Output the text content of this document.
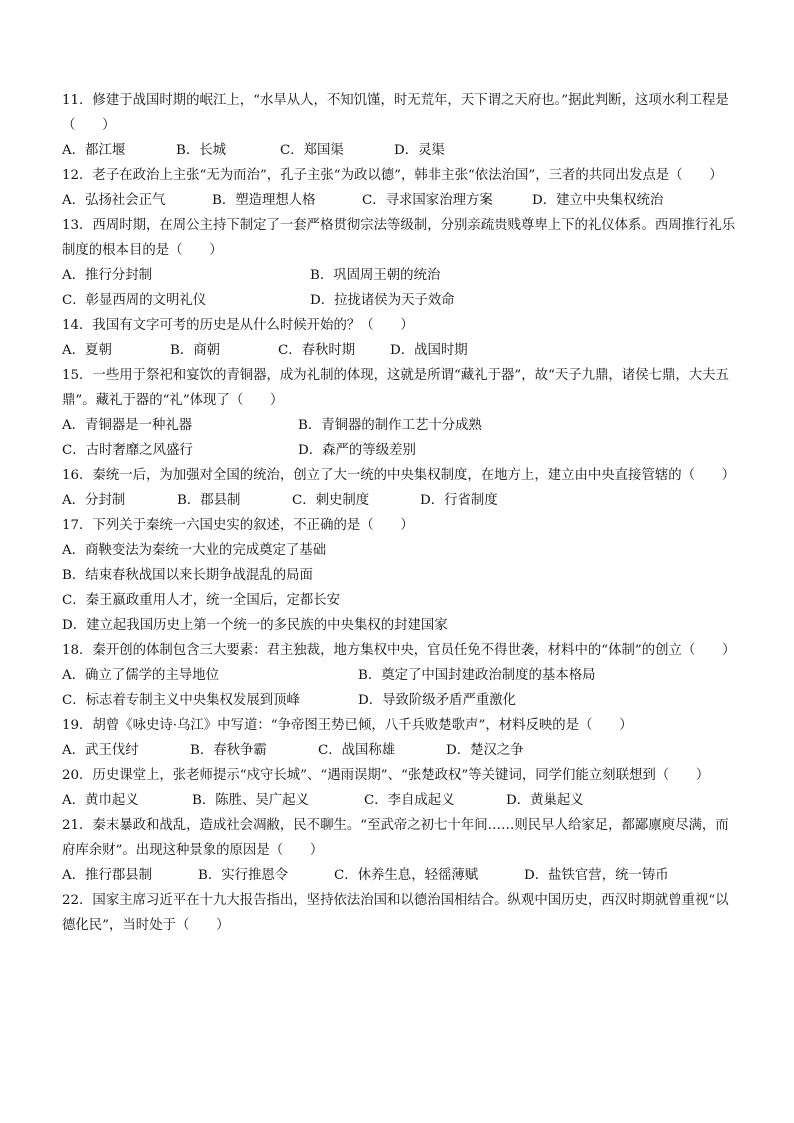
11．修建于战国时期的岷江上，“水旱从人，不知饥馑，时无荒年，天下谓之天府也。”据此判断，这项水利工程是（　　）

A．都江堰	B．长城	C．郑国渠	D．灵渠

12．老子在政治上主张“无为而治”，孔子主张“为政以德”，韩非主张“依法治国”，三者的共同出发点是（　　）

A．弘扬社会正气	B．塑造理想人格	C．寻求国家治理方案	D．建立中央集权统治

13．西周时期，在周公主持下制定了一套严格贯彻宗法等级制，分别亲疏贵贱尊卑上下的礼仪体系。西周推行礼乐制度的根本目的是（　　）

A．推行分封制	B．巩固周王朝的统治
C．彰显西周的文明礼仪	D．拉拢诸侯为天子效命

14．我国有文字可考的历史是从什么时候开始的？（　　）

A．夏朝	B．商朝	C．春秋时期	D．战国时期

15．一些用于祭祀和宴饮的青铜器，成为礼制的体现，这就是所谓“藏礼于器”，故“天子九鼎，诸侯七鼎，大夫五鼎”。藏礼于器的“礼”体现了（　　）

A．青铜器是一种礼器	B．青铜器的制作工艺十分成熟
C．古时奢靡之风盛行	D．森严的等级差别

16．秦统一后，为加强对全国的统治，创立了大一统的中央集权制度，在地方上，建立由中央直接管辖的（　　）

A．分封制	B．郡县制	C．刺史制度	D．行省制度

17．下列关于秦统一六国史实的叙述，不正确的是（　　）

A．商鞅变法为秦统一大业的完成奠定了基础
B．结束春秋战国以来长期争战混乱的局面
C．秦王嬴政重用人才，统一全国后，定都长安
D．建立起我国历史上第一个统一的多民族的中央集权的封建国家

18．秦开创的体制包含三大要素：君主独裁，地方集权中央，官员任免不得世袭，材料中的“体制”的创立（　　）

A．确立了儒学的主导地位	B．奠定了中国封建政治制度的基本格局
C．标志着专制主义中央集权发展到顶峰	D．导致阶级矛盾严重激化

19．胡曾《咏史诗·乌江》中写道：“争帝图王势已倾，八千兵败楚歌声”，材料反映的是（　　）

A．武王伐纣	B．春秋争霸	C．战国称雄	D．楚汉之争

20．历史课堂上，张老师提示“戍守长城”、“遇雨误期”、“张楚政权”等关键词，同学们能立刻联想到（　　）

A．黄巾起义	B．陈胜、吴广起义	C．李自成起义	D．黄巢起义

21．秦末暴政和战乱，造成社会凋敝，民不聊生。“至武帝之初七十年间……则民早人给家足，都鄙廪庾尽满，而府库余财”。出现这种景象的原因是（　　）

A．推行郡县制	B．实行推恩令	C．休养生息，轻徭薄赋	D．盐铁官营，统一铸币

22．国家主席习近平在十九大报告指出，坚持依法治国和以德治国相结合。纵观中国历史，西汉时期就曾重视“以德化民”，当时处于（　　）
